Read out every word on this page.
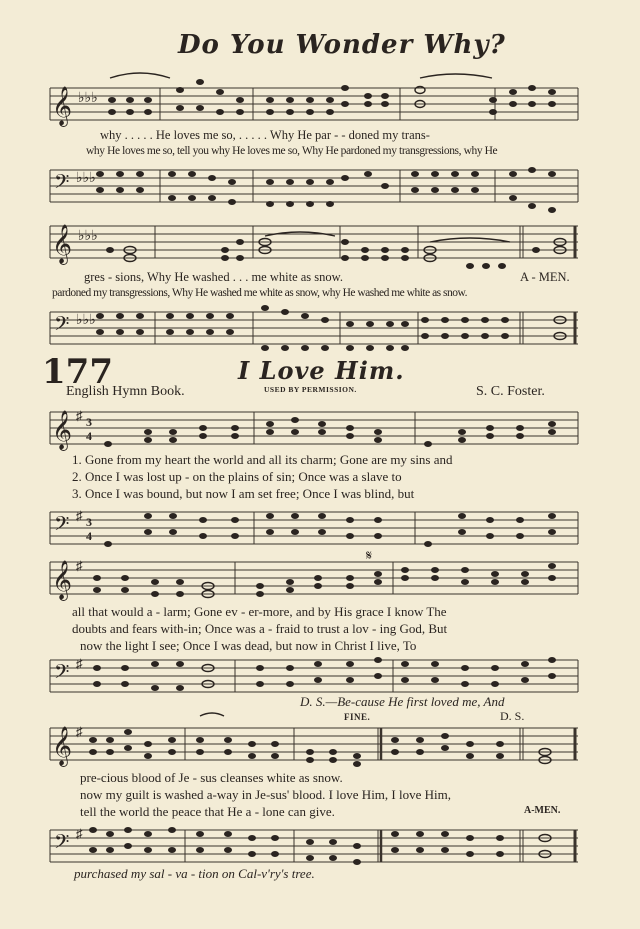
Do You Wonder Why?
𝄞 ♭♭♭
why . . . . . He loves me so, . . . . . Why He par - - doned my trans-
why He loves me so, tell you why He loves me so, Why He pardoned my transgressions, why He
𝄢 ♭♭♭
𝄞 ♭♭♭
gres - sions, Why He washed . . . me white as snow.	A - MEN.
pardoned my transgressions, Why He washed me white as snow, why He washed me white as snow.
𝄢 ♭♭♭
177	I Love Him.
English Hymn Book.	USED BY PERMISSION.	S. C. Foster.
𝄞 ♯ 3
4
1. Gone from my heart the world and all its charm; Gone are my sins and
2. Once I was lost up - on the plains of sin; Once was a slave to
3. Once I was bound, but now I am set free; Once I was blind, but
𝄢 ♯ 3
4
𝄞 ♯
𝄋
all that would a - larm; Gone ev - er-more, and by His grace I know The
doubts and fears with-in; Once was a - fraid to trust a lov - ing God, But
now the light I see; Once I was dead, but now in Christ I live, To
𝄢 ♯
D. S.—Be-cause He first loved me, And
FINE.	D. S.
𝄞 ♯
pre-cious blood of Je - sus cleanses white as snow.
now my guilt is washed a-way in Je-sus' blood. I love Him, I love Him,
tell the world the peace that He a - lone can give.	A-MEN.
𝄢 ♯
purchased my sal - va - tion on Cal-v'ry's tree.
